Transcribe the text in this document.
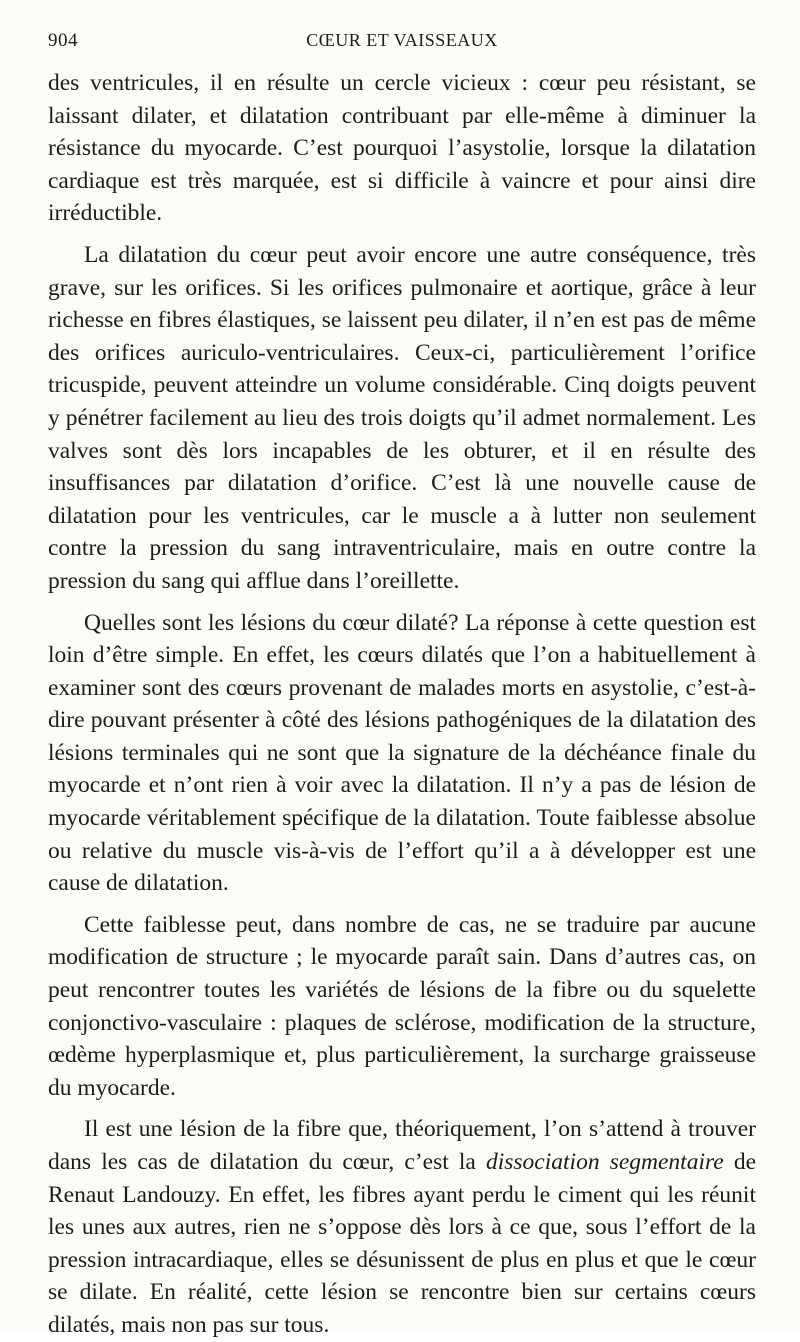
904	CŒUR ET VAISSEAUX

des ventricules, il en résulte un cercle vicieux : cœur peu résistant, se laissant dilater, et dilatation contribuant par elle-même à diminuer la résistance du myocarde. C’est pourquoi l’asystolie, lorsque la dilatation cardiaque est très marquée, est si difficile à vaincre et pour ainsi dire irréductible.

La dilatation du cœur peut avoir encore une autre conséquence, très grave, sur les orifices. Si les orifices pulmonaire et aortique, grâce à leur richesse en fibres élastiques, se laissent peu dilater, il n’en est pas de même des orifices auriculo-ventriculaires. Ceux-ci, particulièrement l’orifice tricuspide, peuvent atteindre un volume considérable. Cinq doigts peuvent y pénétrer facilement au lieu des trois doigts qu’il admet normalement. Les valves sont dès lors incapables de les obturer, et il en résulte des insuffisances par dilatation d’orifice. C’est là une nouvelle cause de dilatation pour les ventricules, car le muscle a à lutter non seulement contre la pression du sang intraventriculaire, mais en outre contre la pression du sang qui afflue dans l’oreillette.

Quelles sont les lésions du cœur dilaté? La réponse à cette question est loin d’être simple. En effet, les cœurs dilatés que l’on a habituellement à examiner sont des cœurs provenant de malades morts en asystolie, c’est-à-dire pouvant présenter à côté des lésions pathogéniques de la dilatation des lésions terminales qui ne sont que la signature de la déchéance finale du myocarde et n’ont rien à voir avec la dilatation. Il n’y a pas de lésion de myocarde véritablement spécifique de la dilatation. Toute faiblesse absolue ou relative du muscle vis-à-vis de l’effort qu’il a à développer est une cause de dilatation.

Cette faiblesse peut, dans nombre de cas, ne se traduire par aucune modification de structure ; le myocarde paraît sain. Dans d’autres cas, on peut rencontrer toutes les variétés de lésions de la fibre ou du squelette conjonctivo-vasculaire : plaques de sclérose, modification de la structure, œdème hyperplasmique et, plus particulièrement, la surcharge graisseuse du myocarde.

Il est une lésion de la fibre que, théoriquement, l’on s’attend à trouver dans les cas de dilatation du cœur, c’est la dissociation segmentaire de Renaut Landouzy. En effet, les fibres ayant perdu le ciment qui les réunit les unes aux autres, rien ne s’oppose dès lors à ce que, sous l’effort de la pression intracardiaque, elles se désunissent de plus en plus et que le cœur se dilate. En réalité, cette lésion se rencontre bien sur certains cœurs dilatés, mais non pas sur tous.
